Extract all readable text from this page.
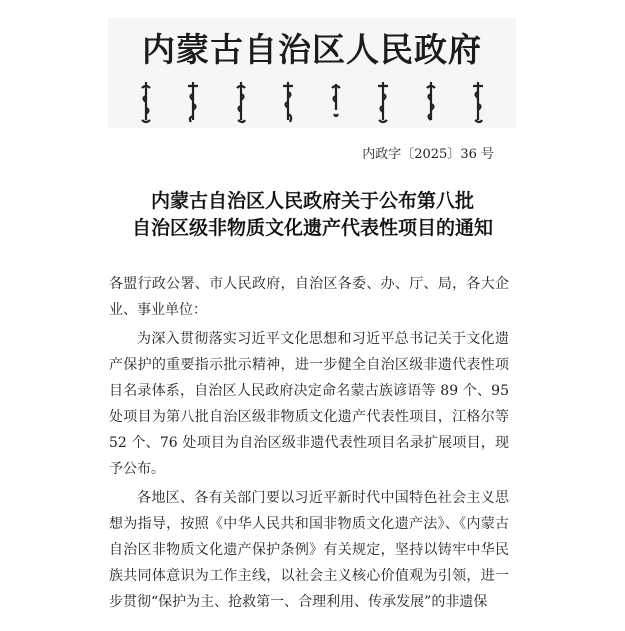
内蒙古自治区人民政府
内政字〔2025〕36 号
内蒙古自治区人民政府关于公布第八批
自治区级非物质文化遗产代表性项目的通知

各盟行政公署、市人民政府，自治区各委、办、厅、局，各大企业、事业单位：

为深入贯彻落实习近平文化思想和习近平总书记关于文化遗产保护的重要指示批示精神，进一步健全自治区级非遗代表性项目名录体系，自治区人民政府决定命名蒙古族谚语等 89 个、95 处项目为第八批自治区级非物质文化遗产代表性项目，江格尔等 52 个、76 处项目为自治区级非遗代表性项目名录扩展项目，现予公布。

各地区、各有关部门要以习近平新时代中国特色社会主义思想为指导，按照《中华人民共和国非物质文化遗产法》、《内蒙古自治区非物质文化遗产保护条例》有关规定，坚持以铸牢中华民族共同体意识为工作主线，以社会主义核心价值观为引领，进一步贯彻“保护为主、抢救第一、合理利用、传承发展”的非遗保
